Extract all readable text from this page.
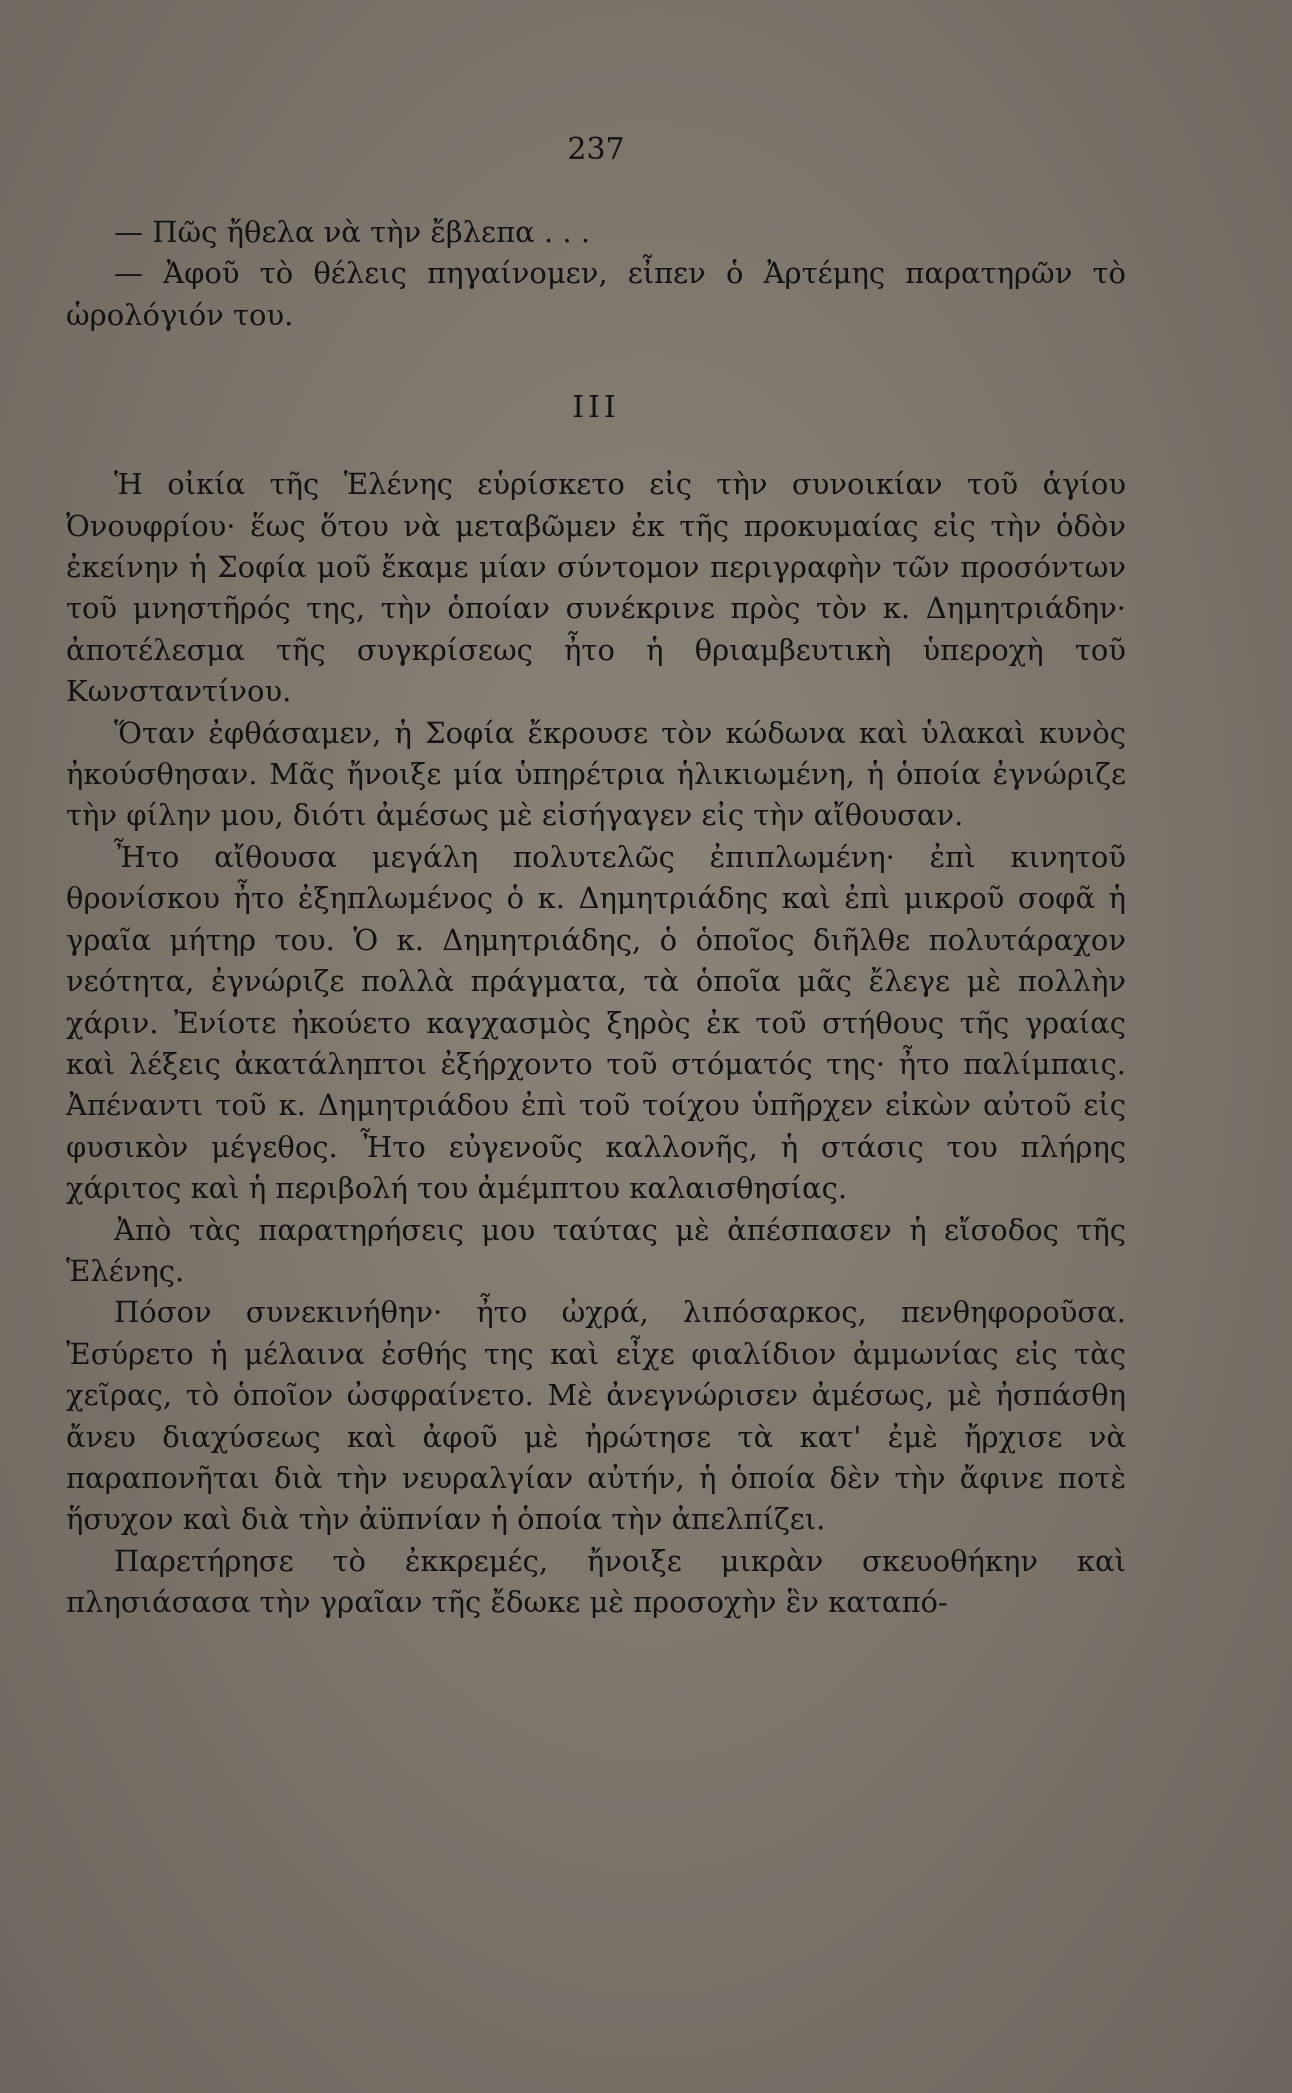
237

— Πῶς ἤθελα νὰ τὴν ἔβλεπα . . .

— Ἀφοῦ τὸ θέλεις πηγαίνομεν, εἶπεν ὁ Ἀρτέμης παρατηρῶν τὸ ὡρολόγιόν του.

III

Ἡ οἰκία τῆς Ἑλένης εὑρίσκετο εἰς τὴν συνοικίαν τοῦ ἁγίου Ὀνουφρίου· ἕως ὅτου νὰ μεταβῶμεν ἐκ τῆς προκυμαίας εἰς τὴν ὁδὸν ἐκείνην ἡ Σοφία μοῦ ἔκαμε μίαν σύντομον περιγραφὴν τῶν προσόντων τοῦ μνηστῆρός της, τὴν ὁποίαν συνέκρινε πρὸς τὸν κ. Δημητριάδην· ἀποτέλεσμα τῆς συγκρίσεως ἦτο ἡ θριαμβευτικὴ ὑπεροχὴ τοῦ Κωνσταντίνου.

Ὅταν ἐφθάσαμεν, ἡ Σοφία ἔκρουσε τὸν κώδωνα καὶ ὑλακαὶ κυνὸς ἠκούσθησαν. Μᾶς ἤνοιξε μία ὑπηρέτρια ἡλικιωμένη, ἡ ὁποία ἐγνώριζε τὴν φίλην μου, διότι ἀμέσως μὲ εἰσήγαγεν εἰς τὴν αἴθουσαν.

Ἦτο αἴθουσα μεγάλη πολυτελῶς ἐπιπλωμένη· ἐπὶ κινητοῦ θρονίσκου ἦτο ἐξηπλωμένος ὁ κ. Δημητριάδης καὶ ἐπὶ μικροῦ σοφᾶ ἡ γραῖα μήτηρ του. Ὁ κ. Δημητριάδης, ὁ ὁποῖος διῆλθε πολυτάραχον νεότητα, ἐγνώριζε πολλὰ πράγματα, τὰ ὁποῖα μᾶς ἔλεγε μὲ πολλὴν χάριν. Ἐνίοτε ἠκούετο καγχασμὸς ξηρὸς ἐκ τοῦ στήθους τῆς γραίας καὶ λέξεις ἀκατάληπτοι ἐξήρχοντο τοῦ στόματός της· ἦτο παλίμπαις. Ἀπέναντι τοῦ κ. Δημητριάδου ἐπὶ τοῦ τοίχου ὑπῆρχεν εἰκὼν αὐτοῦ εἰς φυσικὸν μέγεθος. Ἦτο εὐγενοῦς καλλονῆς, ἡ στάσις του πλήρης χάριτος καὶ ἡ περιβολή του ἀμέμπτου καλαισθησίας.

Ἀπὸ τὰς παρατηρήσεις μου ταύτας μὲ ἀπέσπασεν ἡ εἴσοδος τῆς Ἑλένης.

Πόσον συνεκινήθην· ἦτο ὠχρά, λιπόσαρκος, πενθηφοροῦσα. Ἐσύρετο ἡ μέλαινα ἐσθής της καὶ εἶχε φιαλίδιον ἀμμωνίας εἰς τὰς χεῖρας, τὸ ὁποῖον ὠσφραίνετο. Μὲ ἀνεγνώρισεν ἀμέσως, μὲ ἠσπάσθη ἄνευ διαχύσεως καὶ ἀφοῦ μὲ ἠρώτησε τὰ κατ' ἐμὲ ἤρχισε νὰ παραπονῆται διὰ τὴν νευραλγίαν αὐτήν, ἡ ὁποία δὲν τὴν ἄφινε ποτὲ ἥσυχον καὶ διὰ τὴν ἀϋπνίαν ἡ ὁποία τὴν ἀπελπίζει.

Παρετήρησε τὸ ἐκκρεμές, ἤνοιξε μικρὰν σκευοθήκην καὶ πλησιάσασα τὴν γραῖαν τῆς ἔδωκε μὲ προσοχὴν ἓν καταπό-
